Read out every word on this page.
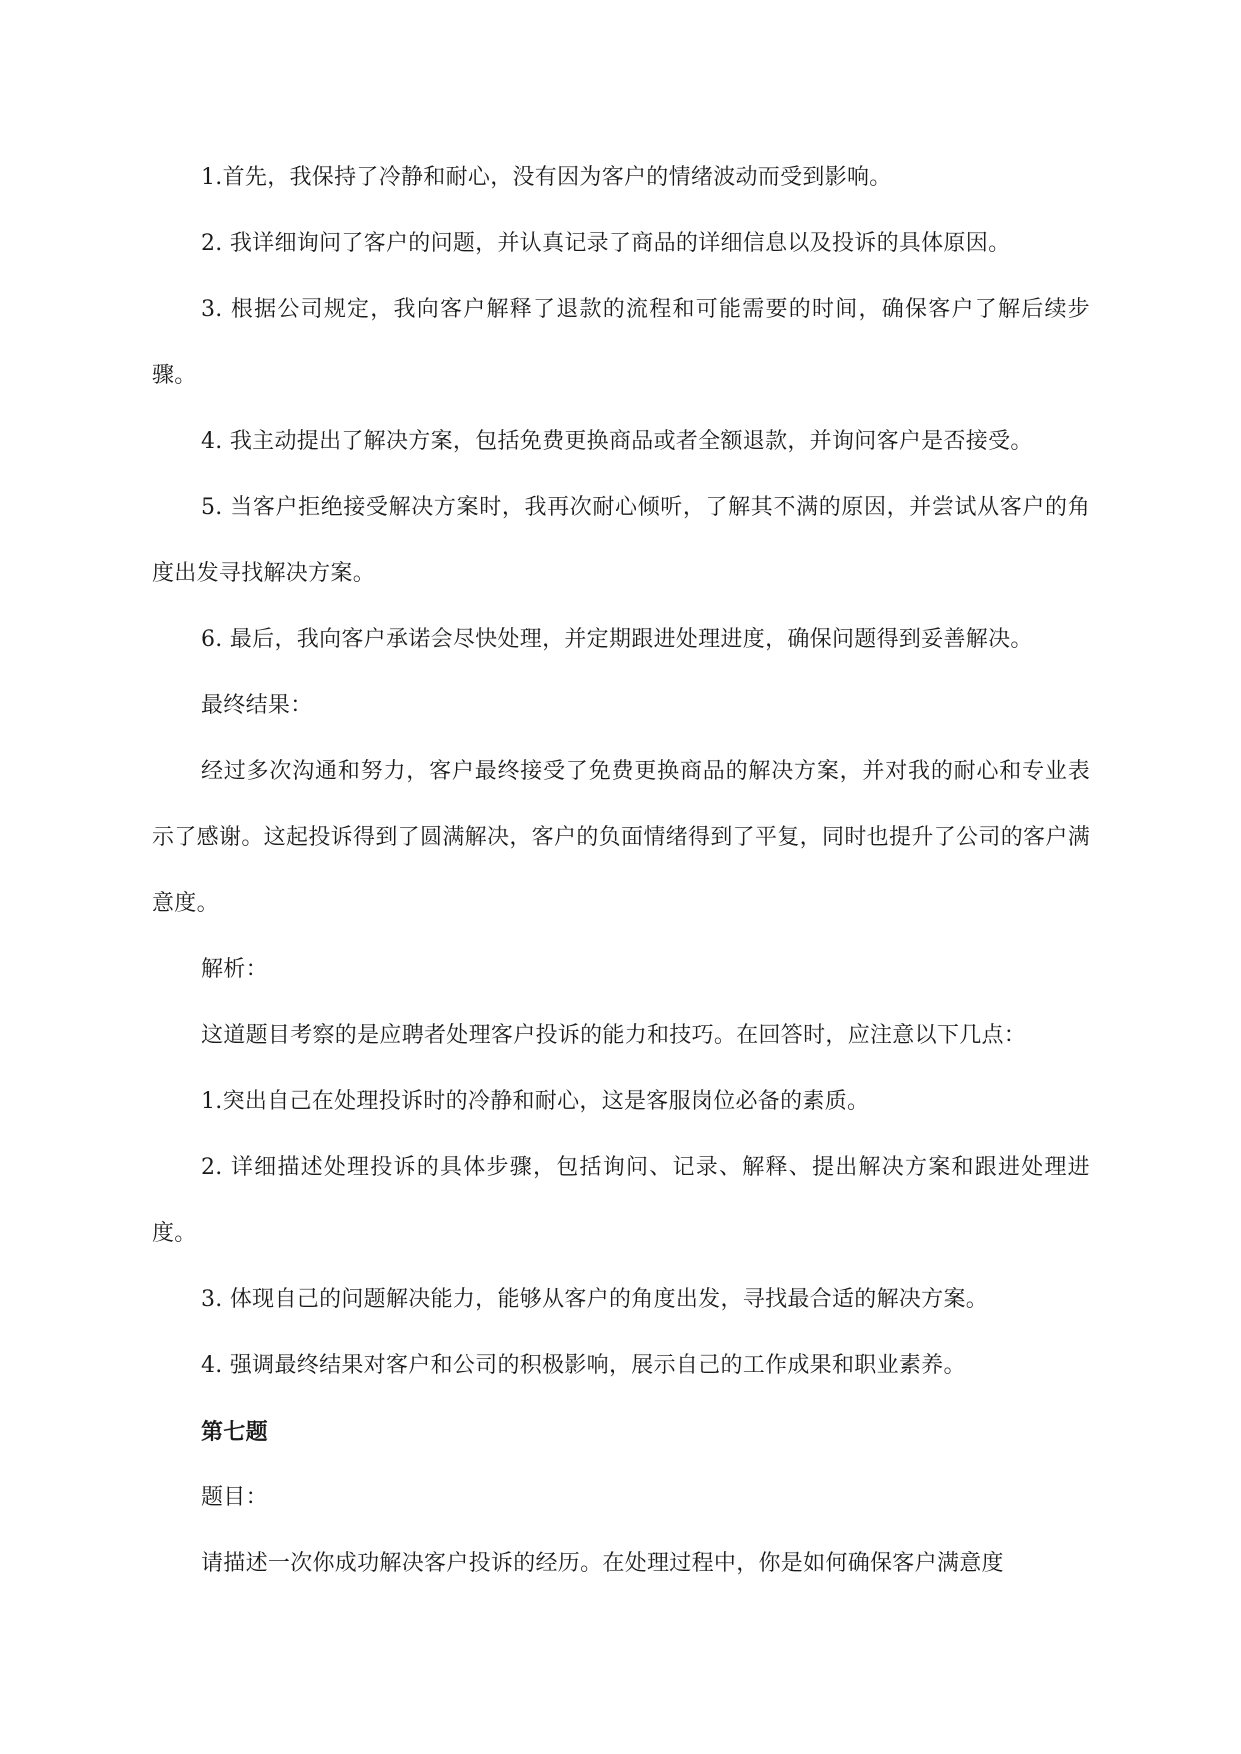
1.首先，我保持了冷静和耐心，没有因为客户的情绪波动而受到影响。

2. 我详细询问了客户的问题，并认真记录了商品的详细信息以及投诉的具体原因。

3. 根据公司规定，我向客户解释了退款的流程和可能需要的时间，确保客户了解后续步骤。

4. 我主动提出了解决方案，包括免费更换商品或者全额退款，并询问客户是否接受。

5. 当客户拒绝接受解决方案时，我再次耐心倾听，了解其不满的原因，并尝试从客户的角度出发寻找解决方案。

6. 最后，我向客户承诺会尽快处理，并定期跟进处理进度，确保问题得到妥善解决。

最终结果：

经过多次沟通和努力，客户最终接受了免费更换商品的解决方案，并对我的耐心和专业表示了感谢。这起投诉得到了圆满解决，客户的负面情绪得到了平复，同时也提升了公司的客户满意度。

解析：

这道题目考察的是应聘者处理客户投诉的能力和技巧。在回答时，应注意以下几点：

1.突出自己在处理投诉时的冷静和耐心，这是客服岗位必备的素质。

2. 详细描述处理投诉的具体步骤，包括询问、记录、解释、提出解决方案和跟进处理进度。

3. 体现自己的问题解决能力，能够从客户的角度出发，寻找最合适的解决方案。

4. 强调最终结果对客户和公司的积极影响，展示自己的工作成果和职业素养。

第七题

题目：

请描述一次你成功解决客户投诉的经历。在处理过程中，你是如何确保客户满意度
